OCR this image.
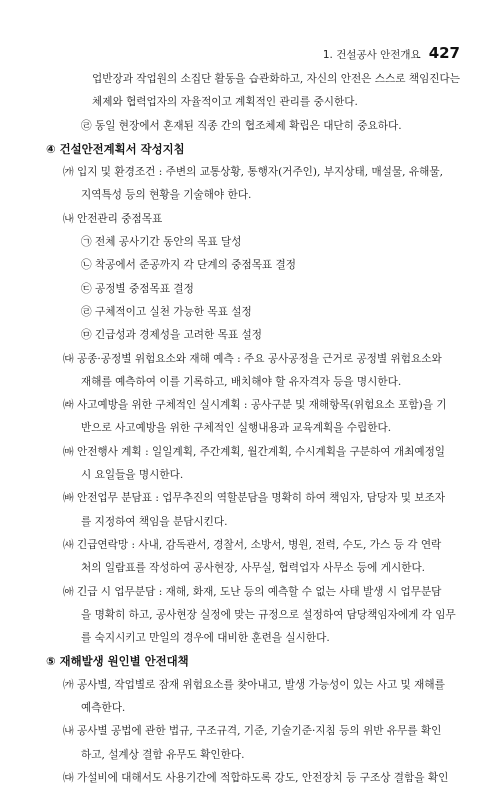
1. 건설공사 안전개요 427
업반장과 작업원의 소집단 활동을 습관화하고, 자신의 안전은 스스로 책임진다는
체제와 협력업자의 자율적이고 계획적인 관리를 중시한다.
㉣ 동일 현장에서 혼재된 직종 간의 협조체제 확립은 대단히 중요하다.
④ 건설안전계획서 작성지침
㈎ 입지 및 환경조건 : 주변의 교통상황, 통행자(거주인), 부지상태, 매설물, 유해물,
지역특성 등의 현황을 기술해야 한다.
㈏ 안전관리 중점목표
㉠ 전체 공사기간 동안의 목표 달성
㉡ 착공에서 준공까지 각 단계의 중점목표 결정
㉢ 공정별 중점목표 결정
㉣ 구체적이고 실천 가능한 목표 설정
㉤ 긴급성과 경제성을 고려한 목표 설정
㈐ 공종·공정별 위험요소와 재해 예측 : 주요 공사공정을 근거로 공정별 위험요소와
재해를 예측하여 이를 기록하고, 배치해야 할 유자격자 등을 명시한다.
㈑ 사고예방을 위한 구체적인 실시계획 : 공사구분 및 재해항목(위험요소 포함)을 기
반으로 사고예방을 위한 구체적인 실행내용과 교육계획을 수립한다.
㈒ 안전행사 계획 : 일일계획, 주간계획, 월간계획, 수시계획을 구분하여 개최예정일
시 요일들을 명시한다.
㈓ 안전업무 분담표 : 업무추진의 역할분담을 명확히 하여 책임자, 담당자 및 보조자
를 지정하여 책임을 분담시킨다.
㈔ 긴급연락망 : 사내, 감독관서, 경찰서, 소방서, 병원, 전력, 수도, 가스 등 각 연락
처의 일람표를 작성하여 공사현장, 사무실, 협력업자 사무소 등에 게시한다.
㈕ 긴급 시 업무분담 : 재해, 화재, 도난 등의 예측할 수 없는 사태 발생 시 업무분담
을 명확히 하고, 공사현장 실정에 맞는 규정으로 설정하여 담당책임자에게 각 임무
를 숙지시키고 만일의 경우에 대비한 훈련을 실시한다.
⑤ 재해발생 원인별 안전대책
㈎ 공사별, 작업별로 잠재 위험요소를 찾아내고, 발생 가능성이 있는 사고 및 재해를
예측한다.
㈏ 공사별 공법에 관한 법규, 구조규격, 기준, 기술기준·지침 등의 위반 유무를 확인
하고, 설계상 결함 유무도 확인한다.
㈐ 가설비에 대해서도 사용기간에 적합하도록 강도, 안전장치 등 구조상 결함을 확인
